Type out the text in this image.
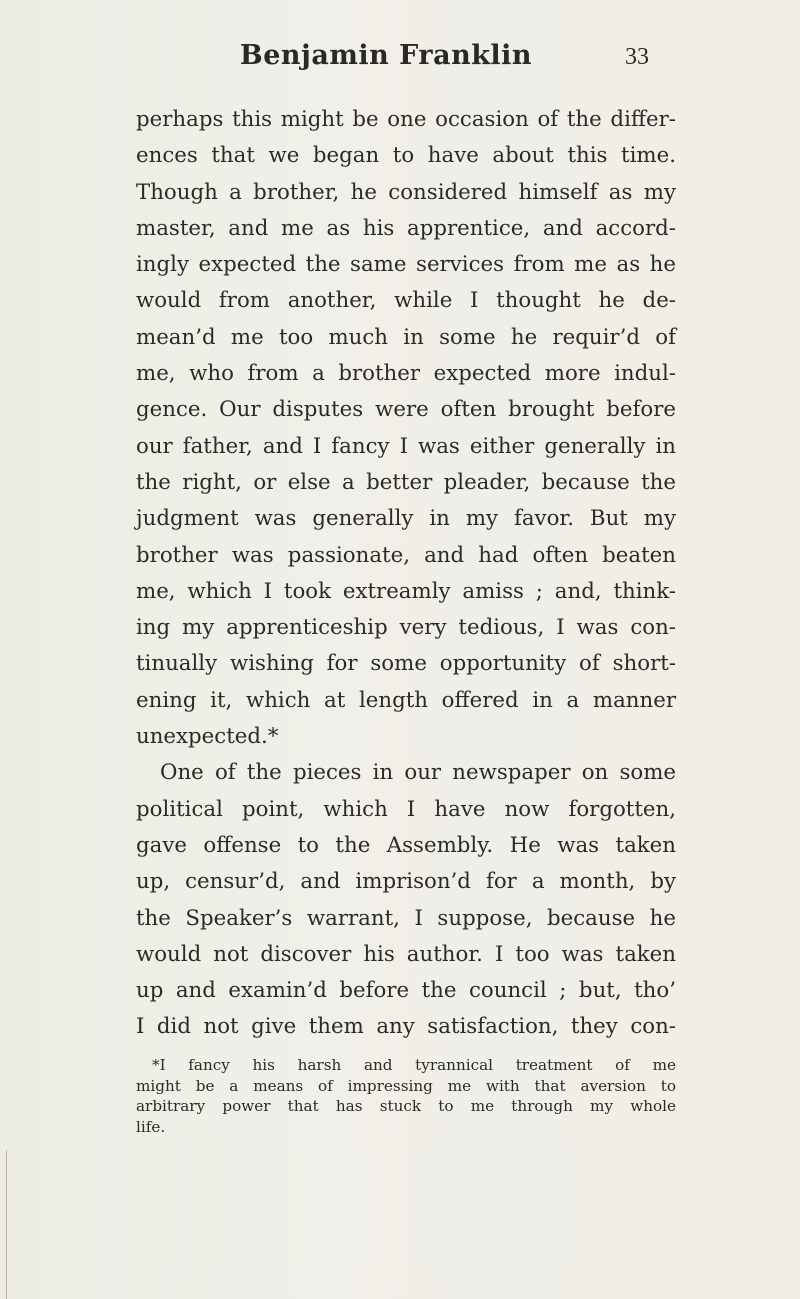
Benjamin Franklin	33
perhaps this might be one occasion of the differ-
ences that we began to have about this time.
Though a brother, he considered himself as my
master, and me as his apprentice, and accord-
ingly expected the same services from me as he
would from another, while I thought he de-
mean’d me too much in some he requir’d of
me, who from a brother expected more indul-
gence. Our disputes were often brought before
our father, and I fancy I was either generally in
the right, or else a better pleader, because the
judgment was generally in my favor. But my
brother was passionate, and had often beaten
me, which I took extreamly amiss ; and, think-
ing my apprenticeship very tedious, I was con-
tinually wishing for some opportunity of short-
ening it, which at length offered in a manner
unexpected.*
One of the pieces in our newspaper on some
political point, which I have now forgotten,
gave offense to the Assembly. He was taken
up, censur’d, and imprison’d for a month, by
the Speaker’s warrant, I suppose, because he
would not discover his author. I too was taken
up and examin’d before the council ; but, tho’
I did not give them any satisfaction, they con-
*I fancy his harsh and tyrannical treatment of me
might be a means of impressing me with that aversion to
arbitrary power that has stuck to me through my whole
life.
